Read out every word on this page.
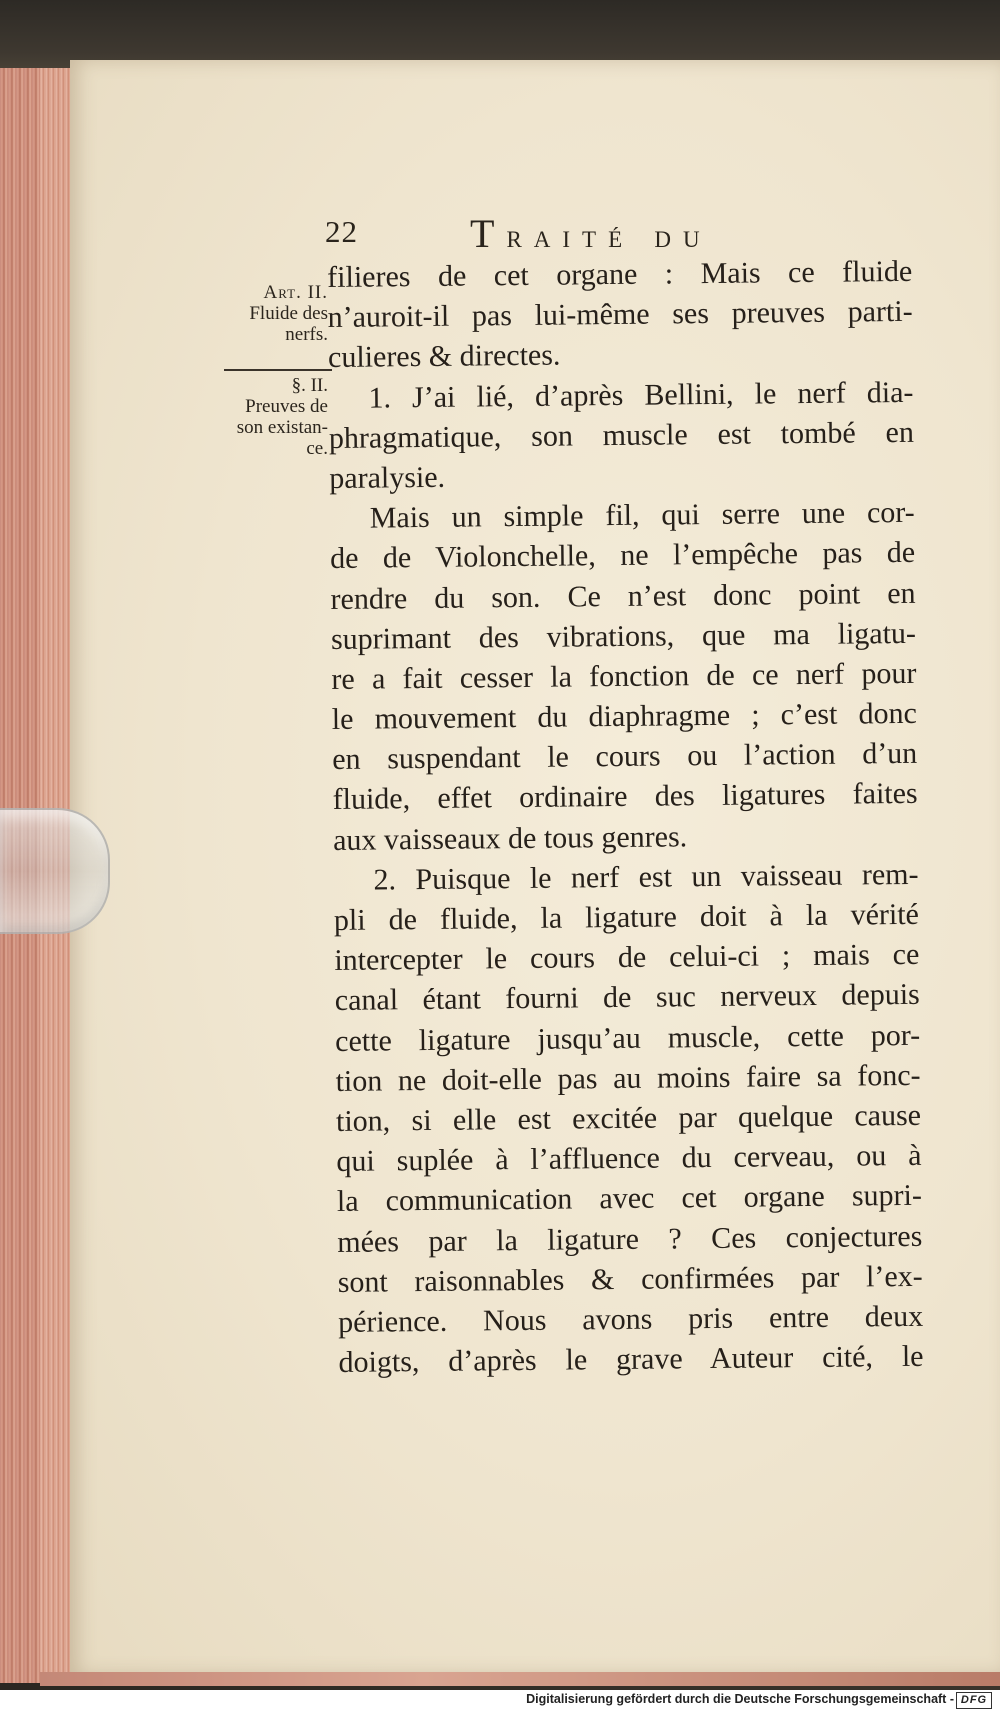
22	Traité du

Art. II.

Fluide des

nerfs.

§. II.

Preuves de

son existan-

ce.

filieres de cet organe : Mais ce fluide
n’auroit-il pas lui-même ses preuves parti-
culieres & directes.
1. J’ai lié, d’après Bellini, le nerf dia-
phragmatique, son muscle est tombé en
paralysie.
Mais un simple fil, qui serre une cor-
de de Violonchelle, ne l’empêche pas de
rendre du son. Ce n’est donc point en
suprimant des vibrations, que ma ligatu-
re a fait cesser la fonction de ce nerf pour
le mouvement du diaphragme ; c’est donc
en suspendant le cours ou l’action d’un
fluide, effet ordinaire des ligatures faites
aux vaisseaux de tous genres.
2. Puisque le nerf est un vaisseau rem-
pli de fluide, la ligature doit à la vérité
intercepter le cours de celui-ci ; mais ce
canal étant fourni de suc nerveux depuis
cette ligature jusqu’au muscle, cette por-
tion ne doit-elle pas au moins faire sa fonc-
tion, si elle est excitée par quelque cause
qui suplée à l’affluence du cerveau, ou à
la communication avec cet organe supri-
mées par la ligature ? Ces conjectures
sont raisonnables & confirmées par l’ex-
périence. Nous avons pris entre deux
doigts, d’après le grave Auteur cité, le
Digitalisierung gefördert durch die Deutsche Forschungsgemeinschaft - DFG
